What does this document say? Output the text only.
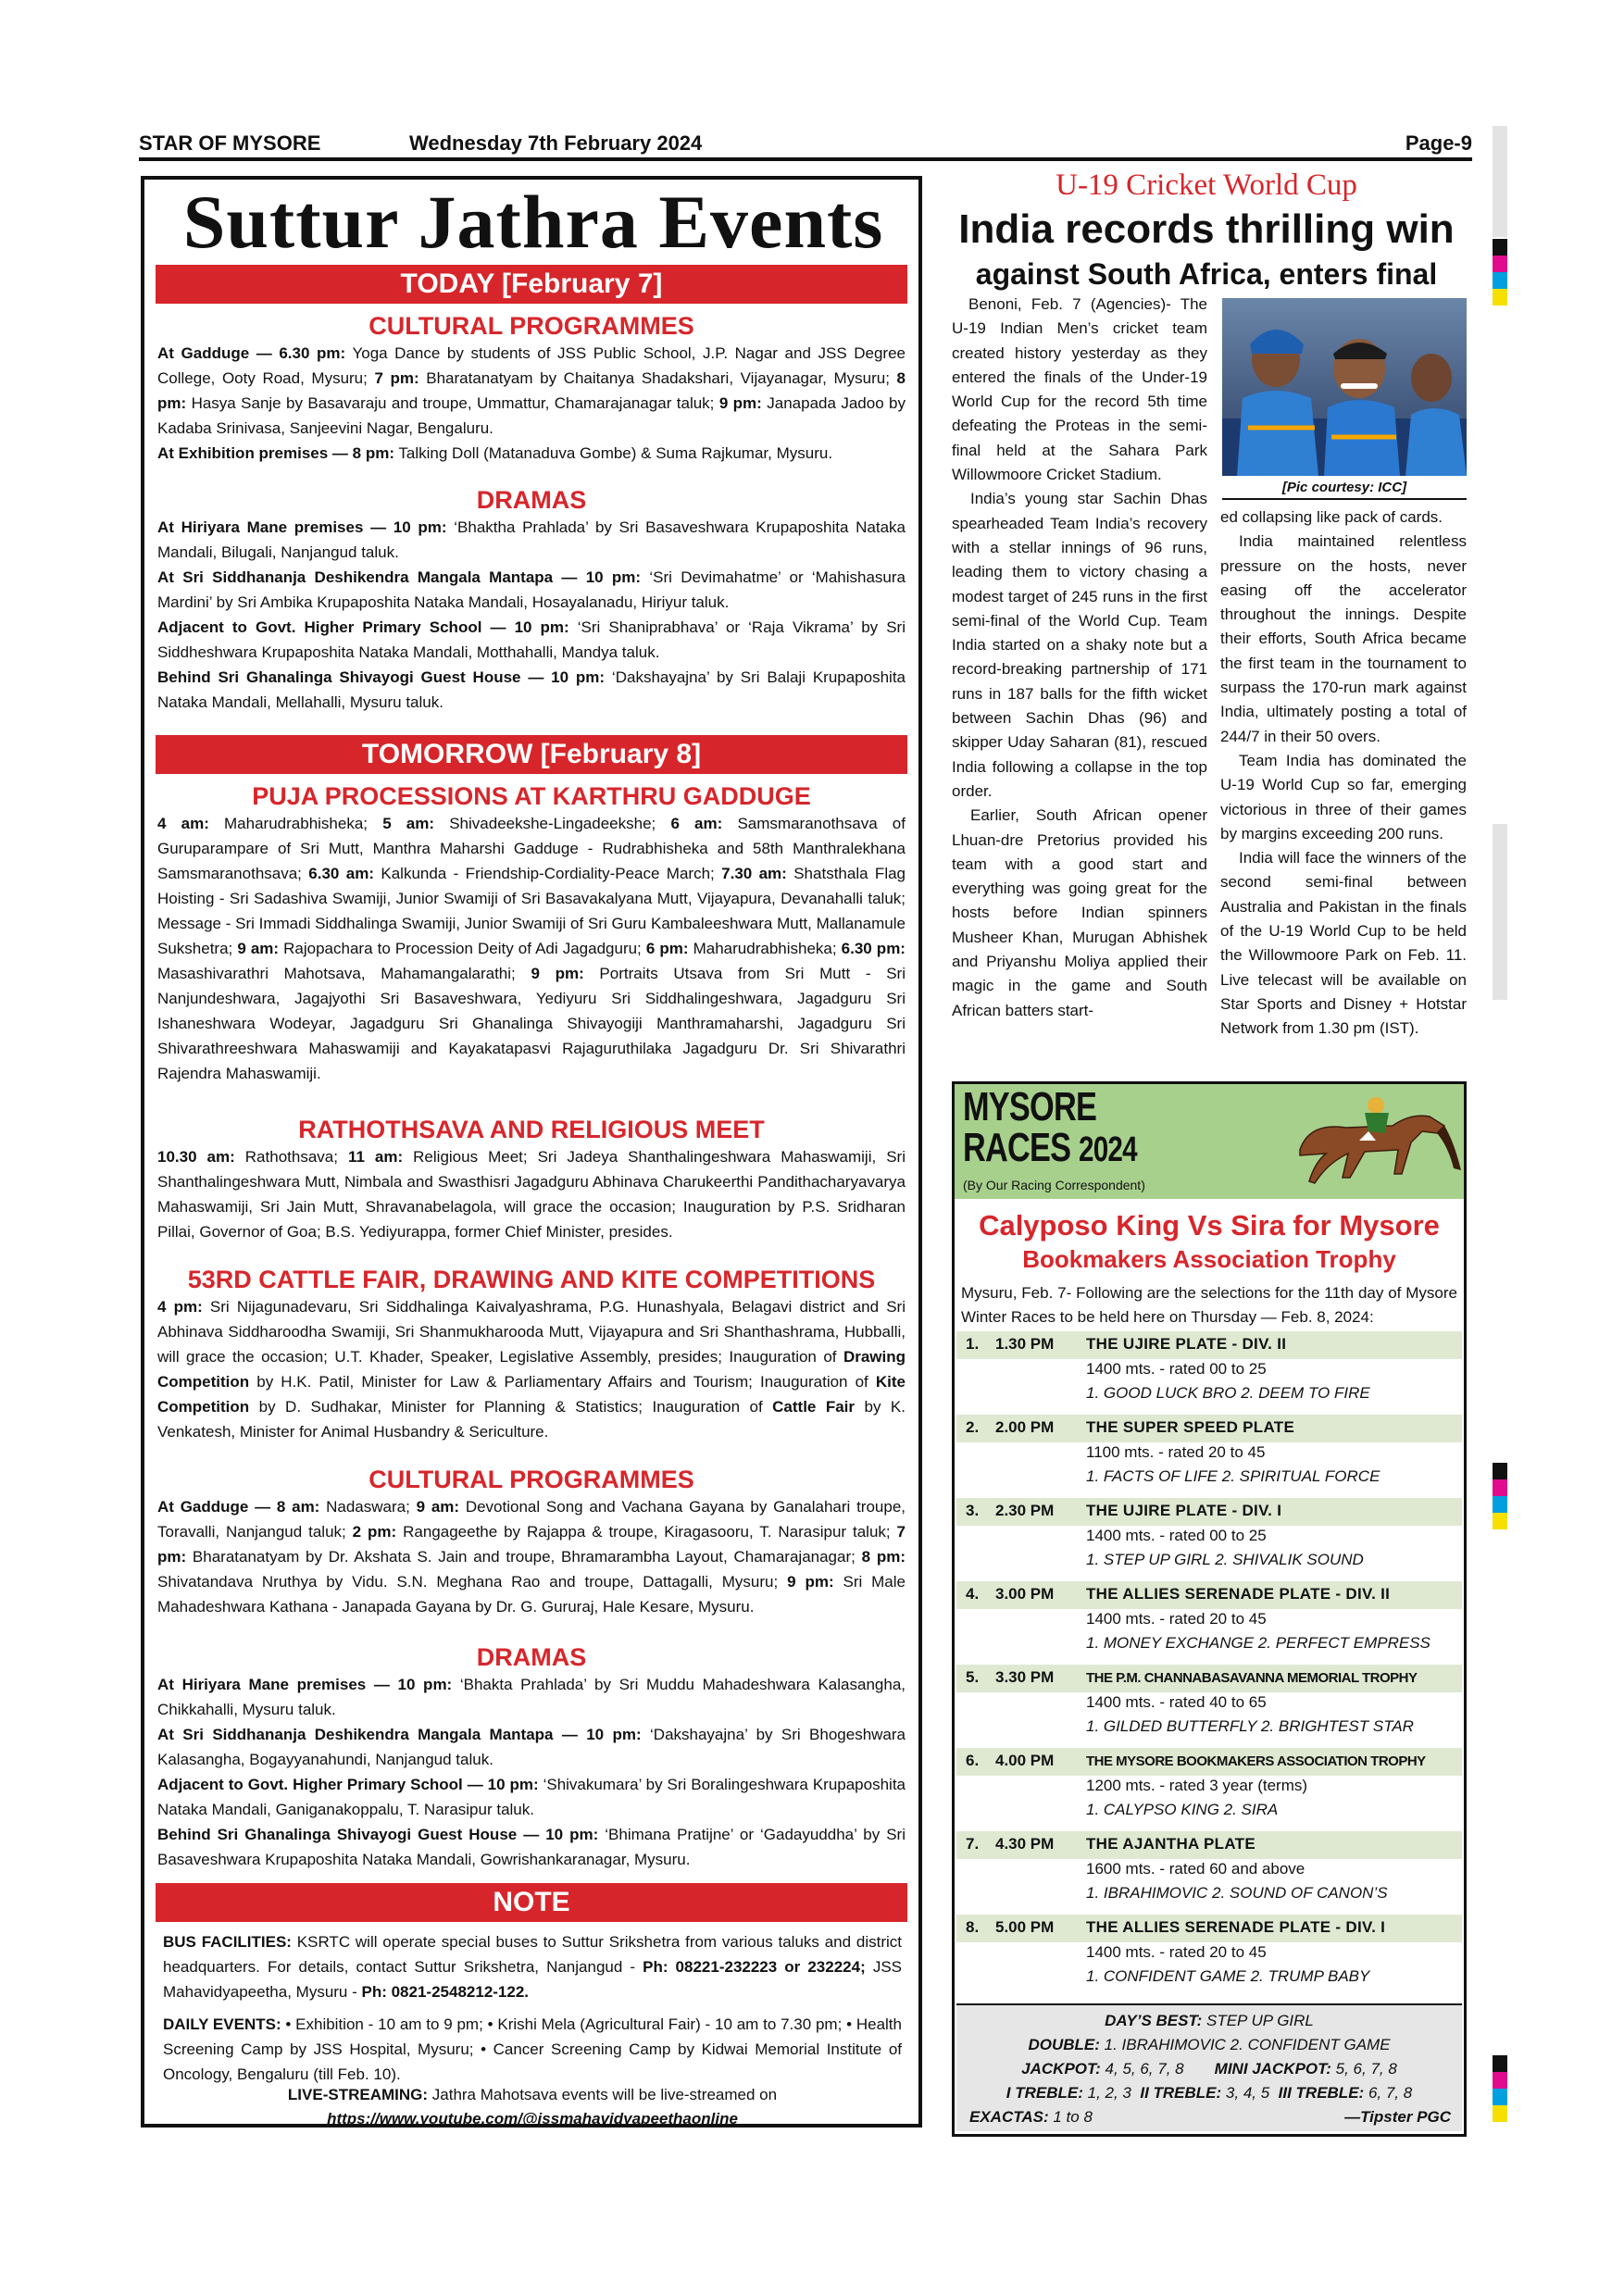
STAR OF MYSORE	Wednesday 7th February 2024	Page-9
Suttur Jathra Events
TODAY [February 7]
CULTURAL PROGRAMMES

At Gadduge — 6.30 pm: Yoga Dance by students of JSS Public School, J.P. Nagar and JSS Degree College, Ooty Road, Mysuru; 7 pm: Bharatanatyam by Chaitanya Shadakshari, Vijayanagar, Mysuru; 8 pm: Hasya Sanje by Basavaraju and troupe, Ummattur, Chamarajanagar taluk; 9 pm: Janapada Jadoo by Kadaba Srinivasa, Sanjeevini Nagar, Bengaluru.

At Exhibition premises — 8 pm: Talking Doll (Matanaduva Gombe) & Suma Rajkumar, Mysuru.

DRAMAS

At Hiriyara Mane premises — 10 pm: ‘Bhaktha Prahlada’ by Sri Basaveshwara Krupaposhita Nataka Mandali, Bilugali, Nanjangud taluk.

At Sri Siddhananja Deshikendra Mangala Mantapa — 10 pm: ‘Sri Devimahatme’ or ‘Mahishasura Mardini’ by Sri Ambika Krupaposhita Nataka Mandali, Hosayalanadu, Hiriyur taluk.

Adjacent to Govt. Higher Primary School — 10 pm: ‘Sri Shaniprabhava’ or ‘Raja Vikrama’ by Sri Siddheshwara Krupaposhita Nataka Mandali, Motthahalli, Mandya taluk.

Behind Sri Ghanalinga Shivayogi Guest House — 10 pm: ‘Dakshayajna’ by Sri Balaji Krupaposhita Nataka Mandali, Mellahalli, Mysuru taluk.

TOMORROW [February 8]
PUJA PROCESSIONS AT KARTHRU GADDUGE

4 am: Maharudrabhisheka; 5 am: Shivadeekshe-Lingadeekshe; 6 am: Samsmaranothsava of Guruparampare of Sri Mutt, Manthra Maharshi Gadduge - Rudrabhisheka and 58th Manthralekhana Samsmaranothsava; 6.30 am: Kalkunda - Friendship-Cordiality-Peace March; 7.30 am: Shatsthala Flag Hoisting - Sri Sadashiva Swamiji, Junior Swamiji of Sri Basavakalyana Mutt, Vijayapura, Devanahalli taluk; Message - Sri Immadi Siddhalinga Swamiji, Junior Swamiji of Sri Guru Kambaleeshwara Mutt, Mallanamule Sukshetra; 9 am: Rajopachara to Procession Deity of Adi Jagadguru; 6 pm: Maharudrabhisheka; 6.30 pm: Masashivarathri Mahotsava, Mahamangalarathi; 9 pm: Portraits Utsava from Sri Mutt - Sri Nanjundeshwara, Jagajyothi Sri Basaveshwara, Yediyuru Sri Siddhalingeshwara, Jagadguru Sri Ishaneshwara Wodeyar, Jagadguru Sri Ghanalinga Shivayogiji Manthramaharshi, Jagadguru Sri Shivarathreeshwara Mahaswamiji and Kayakatapasvi Rajaguruthilaka Jagadguru Dr. Sri Shivarathri Rajendra Mahaswamiji.

RATHOTHSAVA AND RELIGIOUS MEET

10.30 am: Rathothsava; 11 am: Religious Meet; Sri Jadeya Shanthalingeshwara Mahaswamiji, Sri Shanthalingeshwara Mutt, Nimbala and Swasthisri Jagadguru Abhinava Charukeerthi Pandithacharyavarya Mahaswamiji, Sri Jain Mutt, Shravanabelagola, will grace the occasion; Inauguration by P.S. Sridharan Pillai, Governor of Goa; B.S. Yediyurappa, former Chief Minister, presides.

53RD CATTLE FAIR, DRAWING AND KITE COMPETITIONS

4 pm: Sri Nijagunadevaru, Sri Siddhalinga Kaivalyashrama, P.G. Hunashyala, Belagavi district and Sri Abhinava Siddharoodha Swamiji, Sri Shanmukharooda Mutt, Vijayapura and Sri Shanthashrama, Hubballi, will grace the occasion; U.T. Khader, Speaker, Legislative Assembly, presides; Inauguration of Drawing Competition by H.K. Patil, Minister for Law & Parliamentary Affairs and Tourism; Inauguration of Kite Competition by D. Sudhakar, Minister for Planning & Statistics; Inauguration of Cattle Fair by K. Venkatesh, Minister for Animal Husbandry & Sericulture.

CULTURAL PROGRAMMES

At Gadduge — 8 am: Nadaswara; 9 am: Devotional Song and Vachana Gayana by Ganalahari troupe, Toravalli, Nanjangud taluk; 2 pm: Rangageethe by Rajappa & troupe, Kiragasooru, T. Narasipur taluk; 7 pm: Bharatanatyam by Dr. Akshata S. Jain and troupe, Bhramarambha Layout, Chamarajanagar; 8 pm: Shivatandava Nruthya by Vidu. S.N. Meghana Rao and troupe, Dattagalli, Mysuru; 9 pm: Sri Male Mahadeshwara Kathana - Janapada Gayana by Dr. G. Gururaj, Hale Kesare, Mysuru.

DRAMAS

At Hiriyara Mane premises — 10 pm: ‘Bhakta Prahlada’ by Sri Muddu Mahadeshwara Kalasangha, Chikkahalli, Mysuru taluk.

At Sri Siddhananja Deshikendra Mangala Mantapa — 10 pm: ‘Dakshayajna’ by Sri Bhogeshwara Kalasangha, Bogayyanahundi, Nanjangud taluk.

Adjacent to Govt. Higher Primary School — 10 pm: ‘Shivakumara’ by Sri Boralingeshwara Krupaposhita Nataka Mandali, Ganiganakoppalu, T. Narasipur taluk.

Behind Sri Ghanalinga Shivayogi Guest House — 10 pm: ‘Bhimana Pratijne’ or ‘Gadayuddha’ by Sri Basaveshwara Krupaposhita Nataka Mandali, Gowrishankaranagar, Mysuru.

NOTE

BUS FACILITIES: KSRTC will operate special buses to Suttur Srikshetra from various taluks and district headquarters. For details, contact Suttur Srikshetra, Nanjangud - Ph: 08221-232223 or 232224; JSS Mahavidyapeetha, Mysuru - Ph: 0821-2548212-122.

DAILY EVENTS: • Exhibition - 10 am to 9 pm; • Krishi Mela (Agricultural Fair) - 10 am to 7.30 pm; • Health Screening Camp by JSS Hospital, Mysuru; • Cancer Screening Camp by Kidwai Memorial Institute of Oncology, Bengaluru (till Feb. 10).

LIVE-STREAMING: Jathra Mahotsava events will be live-streamed on
https://www.youtube.com/@jssmahavidyapeethaonline
U-19 Cricket World Cup
India records thrilling win
against South Africa, enters final

Benoni, Feb. 7 (Agencies)- The U-19 Indian Men’s cricket team created history yesterday as they entered the finals of the Under-19 World Cup for the record 5th time defeating the Proteas in the semi-final held at the Sahara Park Willowmoore Cricket Stadium.

India’s young star Sachin Dhas spearheaded Team India’s recovery with a stellar innings of 96 runs, leading them to victory chasing a modest target of 245 runs in the first semi-final of the World Cup. Team India started on a shaky note but a record-breaking partnership of 171 runs in 187 balls for the fifth wicket between Sachin Dhas (96) and skipper Uday Saharan (81), rescued India following a collapse in the top order.

Earlier, South African opener Lhuan-dre Pretorius provided his team with a good start and everything was going great for the hosts before Indian spinners Musheer Khan, Murugan Abhishek and Priyanshu Moliya applied their magic in the game and South African batters start-

[Pic courtesy: ICC]

ed collapsing like pack of cards.

India maintained relentless pressure on the hosts, never easing off the accelerator throughout the innings. Despite their efforts, South Africa became the first team in the tournament to surpass the 170-run mark against India, ultimately posting a total of 244/7 in their 50 overs.

Team India has dominated the U-19 World Cup so far, emerging victorious in three of their games by margins exceeding 200 runs.

India will face the winners of the second semi-final between Australia and Pakistan in the finals of the U-19 World Cup to be held the Willowmoore Park on Feb. 11. Live telecast will be available on Star Sports and Disney + Hotstar Network from 1.30 pm (IST).

MYSORE
RACES 2024
(By Our Racing Correspondent)
Calyposo King Vs Sira for Mysore
Bookmakers Association Trophy
Mysuru, Feb. 7- Following are the selections for the 11th day of Mysore Winter Races to be held here on Thursday — Feb. 8, 2024:
1. 1.30 PM THE UJIRE PLATE - DIV. II
1400 mts. - rated 00 to 25
1. GOOD LUCK BRO 2. DEEM TO FIRE
2. 2.00 PM THE SUPER SPEED PLATE
1100 mts. - rated 20 to 45
1. FACTS OF LIFE 2. SPIRITUAL FORCE
3. 2.30 PM THE UJIRE PLATE - DIV. I
1400 mts. - rated 00 to 25
1. STEP UP GIRL 2. SHIVALIK SOUND
4. 3.00 PM THE ALLIES SERENADE PLATE - DIV. II
1400 mts. - rated 20 to 45
1. MONEY EXCHANGE 2. PERFECT EMPRESS
5. 3.30 PM THE P.M. CHANNABASAVANNA MEMORIAL TROPHY
1400 mts. - rated 40 to 65
1. GILDED BUTTERFLY 2. BRIGHTEST STAR
6. 4.00 PM THE MYSORE BOOKMAKERS ASSOCIATION TROPHY
1200 mts. - rated 3 year (terms)
1. CALYPSO KING 2. SIRA
7. 4.30 PM THE AJANTHA PLATE
1600 mts. - rated 60 and above
1. IBRAHIMOVIC 2. SOUND OF CANON’S
8. 5.00 PM THE ALLIES SERENADE PLATE - DIV. I
1400 mts. - rated 20 to 45
1. CONFIDENT GAME 2. TRUMP BABY
DAY’S BEST: STEP UP GIRL
DOUBLE: 1. IBRAHIMOVIC 2. CONFIDENT GAME
JACKPOT: 4, 5, 6, 7, 8 MINI JACKPOT: 5, 6, 7, 8
I TREBLE: 1, 2, 3 II TREBLE: 3, 4, 5 III TREBLE: 6, 7, 8
EXACTAS: 1 to 8	—Tipster PGC
